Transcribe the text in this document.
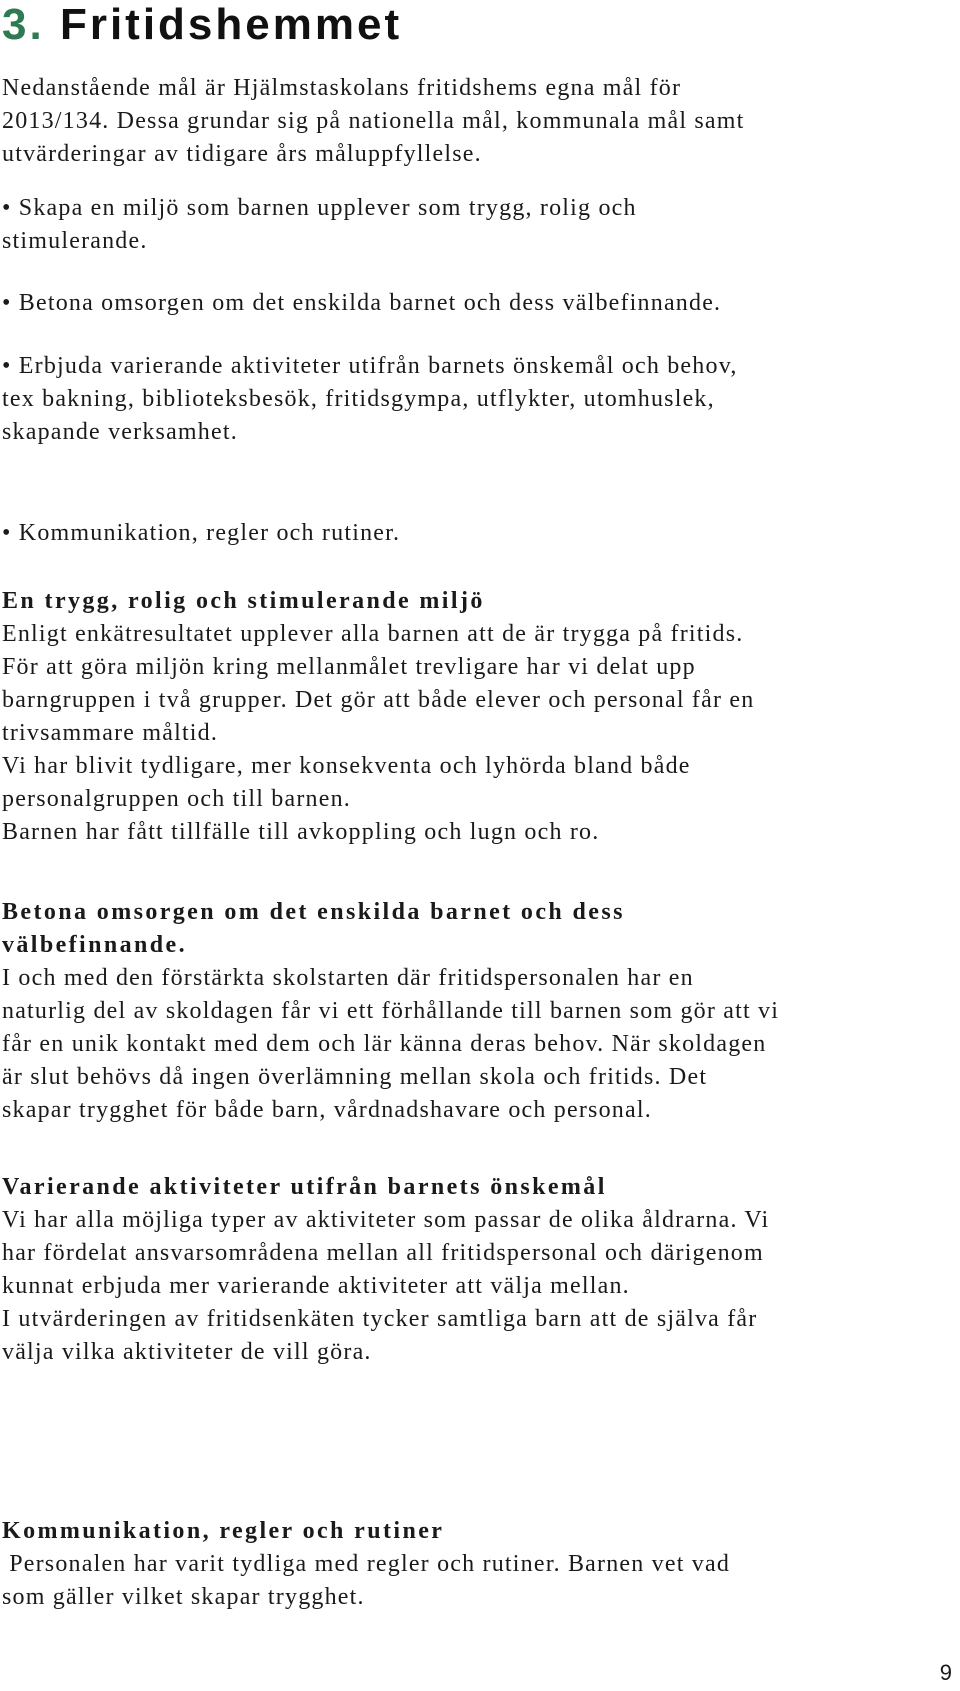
3. Fritidshemmet
Nedanstående mål är Hjälmstaskolans fritidshems egna mål för
2013/134. Dessa grundar sig på nationella mål, kommunala mål samt
utvärderingar av tidigare års måluppfyllelse.
• Skapa en miljö som barnen upplever som trygg, rolig och
stimulerande.
• Betona omsorgen om det enskilda barnet och dess välbefinnande.
• Erbjuda varierande aktiviteter utifrån barnets önskemål och behov,
tex bakning, biblioteksbesök, fritidsgympa, utflykter, utomhuslek,
skapande verksamhet.
• Kommunikation, regler och rutiner.
En trygg, rolig och stimulerande miljö
Enligt enkätresultatet upplever alla barnen att de är trygga på fritids.
För att göra miljön kring mellanmålet trevligare har vi delat upp
barngruppen i två grupper. Det gör att både elever och personal får en
trivsammare måltid.
Vi har blivit tydligare, mer konsekventa och lyhörda bland både
personalgruppen och till barnen.
Barnen har fått tillfälle till avkoppling och lugn och ro.
Betona omsorgen om det enskilda barnet och dess
välbefinnande.
I och med den förstärkta skolstarten där fritidspersonalen har en
naturlig del av skoldagen får vi ett förhållande till barnen som gör att vi
får en unik kontakt med dem och lär känna deras behov. När skoldagen
är slut behövs då ingen överlämning mellan skola och fritids. Det
skapar trygghet för både barn, vårdnadshavare och personal.
Varierande aktiviteter utifrån barnets önskemål
Vi har alla möjliga typer av aktiviteter som passar de olika åldrarna. Vi
har fördelat ansvarsområdena mellan all fritidspersonal och därigenom
kunnat erbjuda mer varierande aktiviteter att välja mellan.
I utvärderingen av fritidsenkäten tycker samtliga barn att de själva får
välja vilka aktiviteter de vill göra.
Kommunikation, regler och rutiner
Personalen har varit tydliga med regler och rutiner. Barnen vet vad
som gäller vilket skapar trygghet.
9
